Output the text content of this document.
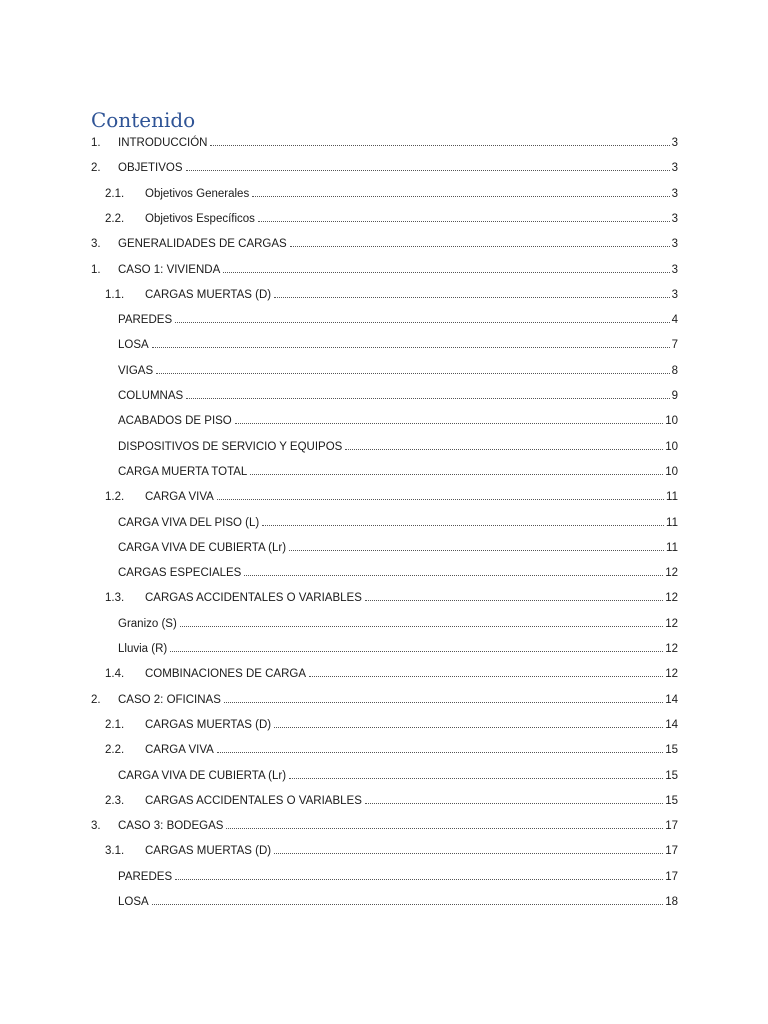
Contenido
1. INTRODUCCIÓN	3
2. OBJETIVOS	3
2.1. Objetivos Generales	3
2.2. Objetivos Específicos	3
3. GENERALIDADES DE CARGAS	3
1. CASO 1: VIVIENDA	3
1.1. CARGAS MUERTAS (D)	3
PAREDES	4
LOSA	7
VIGAS	8
COLUMNAS	9
ACABADOS DE PISO	10
DISPOSITIVOS DE SERVICIO Y EQUIPOS	10
CARGA MUERTA TOTAL	10
1.2. CARGA VIVA	11
CARGA VIVA DEL PISO (L)	11
CARGA VIVA DE CUBIERTA (Lr)	11
CARGAS ESPECIALES	12
1.3. CARGAS ACCIDENTALES O VARIABLES	12
Granizo (S)	12
Lluvia (R)	12
1.4. COMBINACIONES DE CARGA	12
2. CASO 2: OFICINAS	14
2.1. CARGAS MUERTAS (D)	14
2.2. CARGA VIVA	15
CARGA VIVA DE CUBIERTA (Lr)	15
2.3. CARGAS ACCIDENTALES O VARIABLES	15
3. CASO 3: BODEGAS	17
3.1. CARGAS MUERTAS (D)	17
PAREDES	17
LOSA	18
